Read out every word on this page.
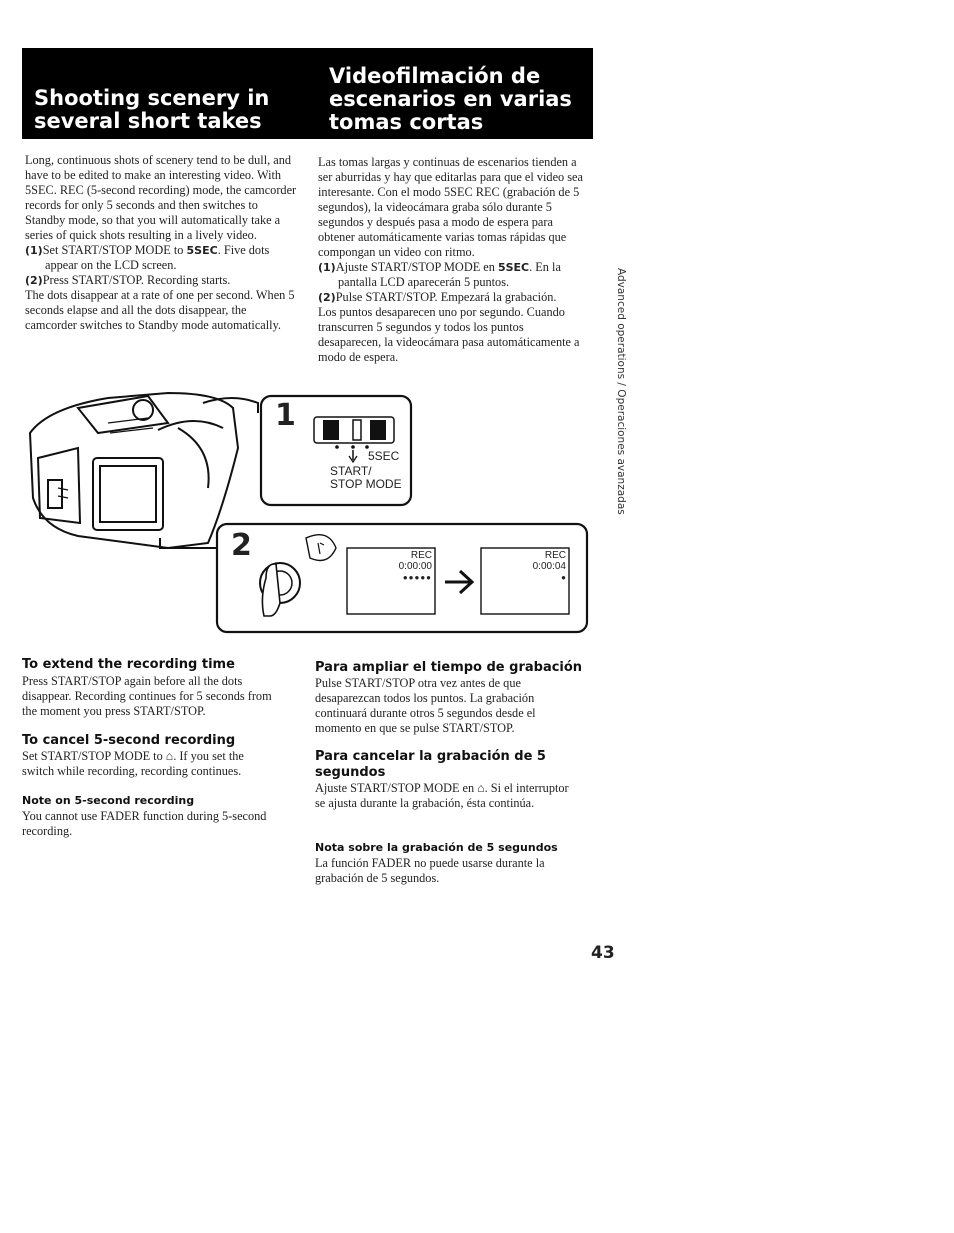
Shooting scenery in several short takes
Videofilmación de escenarios en varias tomas cortas

Long, continuous shots of scenery tend to be dull, and have to be edited to make an interesting video. With 5SEC. REC (5-second recording) mode, the camcorder records for only 5 seconds and then switches to Standby mode, so that you will automatically take a series of quick shots resulting in a lively video.

(1)Set START/STOP MODE to 5SEC. Five dots appear on the LCD screen.
(2)Press START/STOP. Recording starts.

The dots disappear at a rate of one per second. When 5 seconds elapse and all the dots disappear, the camcorder switches to Standby mode automatically.

Las tomas largas y continuas de escenarios tienden a ser aburridas y hay que editarlas para que el video sea interesante. Con el modo 5SEC REC (grabación de 5 segundos), la videocámara graba sólo durante 5 segundos y después pasa a modo de espera para obtener automáticamente varias tomas rápidas que compongan un video con ritmo.

(1)Ajuste START/STOP MODE en 5SEC. En la pantalla LCD aparecerán 5 puntos.
(2)Pulse START/STOP. Empezará la grabación.

Los puntos desaparecen uno por segundo. Cuando transcurren 5 segundos y todos los puntos desaparecen, la videocámara pasa automáticamente a modo de espera.

1
2
5SEC
START/
STOP MODE
REC
0:00:00
●●●●●
REC
0:00:04
●
To extend the recording time

Press START/STOP again before all the dots disappear. Recording continues for 5 seconds from the moment you press START/STOP.

To cancel 5-second recording

Set START/STOP MODE to ⌂. If you set the switch while recording, recording continues.

Note on 5-second recording

You cannot use FADER function during 5-second recording.

Para ampliar el tiempo de grabación

Pulse START/STOP otra vez antes de que desaparezcan todos los puntos. La grabación continuará durante otros 5 segundos desde el momento en que se pulse START/STOP.

Para cancelar la grabación de 5 segundos

Ajuste START/STOP MODE en ⌂. Si el interruptor se ajusta durante la grabación, ésta continúa.

Nota sobre la grabación de 5 segundos

La función FADER no puede usarse durante la grabación de 5 segundos.

Advanced operations / Operaciones avanzadas
43
